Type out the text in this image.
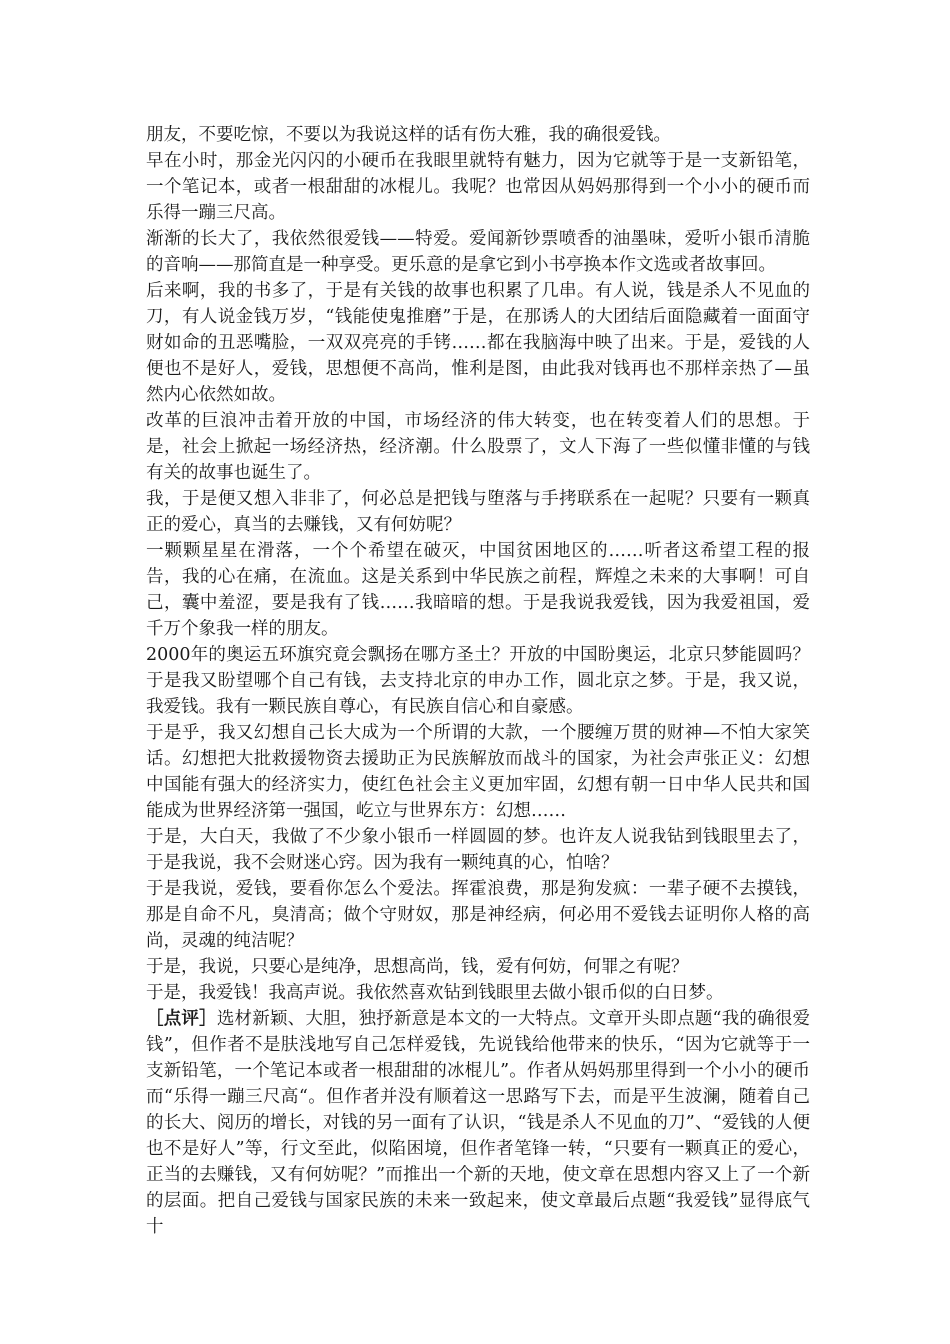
朋友，不要吃惊，不要以为我说这样的话有伤大雅，我的确很爱钱。

早在小时，那金光闪闪的小硬币在我眼里就特有魅力，因为它就等于是一支新铅笔，一个笔记本，或者一根甜甜的冰棍儿。我呢？也常因从妈妈那得到一个小小的硬币而乐得一蹦三尺高。

渐渐的长大了，我依然很爱钱——特爱。爱闻新钞票喷香的油墨味，爱听小银币清脆的音响——那简直是一种享受。更乐意的是拿它到小书亭换本作文选或者故事回。

后来啊，我的书多了，于是有关钱的故事也积累了几串。有人说，钱是杀人不见血的刀，有人说金钱万岁，“钱能使鬼推磨”于是，在那诱人的大团结后面隐藏着一面面守财如命的丑恶嘴脸，一双双亮亮的手铐……都在我脑海中映了出来。于是，爱钱的人便也不是好人，爱钱，思想便不高尚，惟利是图，由此我对钱再也不那样亲热了—虽然内心依然如故。

改革的巨浪冲击着开放的中国，市场经济的伟大转变，也在转变着人们的思想。于是，社会上掀起一场经济热，经济潮。什么股票了，文人下海了一些似懂非懂的与钱有关的故事也诞生了。

我，于是便又想入非非了，何必总是把钱与堕落与手拷联系在一起呢？只要有一颗真正的爱心，真当的去赚钱，又有何妨呢？

一颗颗星星在滑落，一个个希望在破灭，中国贫困地区的……听者这希望工程的报告，我的心在痛，在流血。这是关系到中华民族之前程，辉煌之未来的大事啊！可自己，囊中羞涩，要是我有了钱……我暗暗的想。于是我说我爱钱，因为我爱祖国，爱千万个象我一样的朋友。

2000年的奥运五环旗究竟会飘扬在哪方圣土？开放的中国盼奥运，北京只梦能圆吗？于是我又盼望哪个自己有钱，去支持北京的申办工作，圆北京之梦。于是，我又说，我爱钱。我有一颗民族自尊心，有民族自信心和自豪感。

于是乎，我又幻想自己长大成为一个所谓的大款，一个腰缠万贯的财神—不怕大家笑话。幻想把大批救援物资去援助正为民族解放而战斗的国家，为社会声张正义：幻想中国能有强大的经济实力，使红色社会主义更加牢固，幻想有朝一日中华人民共和国能成为世界经济第一强国，屹立与世界东方：幻想……

于是，大白天，我做了不少象小银币一样圆圆的梦。也许友人说我钻到钱眼里去了，于是我说，我不会财迷心窍。因为我有一颗纯真的心，怕啥？

于是我说，爱钱，要看你怎么个爱法。挥霍浪费，那是狗发疯：一辈子硬不去摸钱，那是自命不凡，臭清高；做个守财奴，那是神经病，何必用不爱钱去证明你人格的高尚，灵魂的纯洁呢？

于是，我说，只要心是纯净，思想高尚，钱，爱有何妨，何罪之有呢？

于是，我爱钱！我高声说。我依然喜欢钻到钱眼里去做小银币似的白日梦。

［点评］选材新颖、大胆，独抒新意是本文的一大特点。文章开头即点题“我的确很爱钱”，但作者不是肤浅地写自己怎样爱钱，先说钱给他带来的快乐，“因为它就等于一支新铅笔，一个笔记本或者一根甜甜的冰棍儿”。作者从妈妈那里得到一个小小的硬币而“乐得一蹦三尺高“。但作者并没有顺着这一思路写下去，而是平生波澜，随着自己的长大、阅历的增长，对钱的另一面有了认识，“钱是杀人不见血的刀”、“爱钱的人便也不是好人”等，行文至此，似陷困境，但作者笔锋一转，“只要有一颗真正的爱心，正当的去赚钱，又有何妨呢？”而推出一个新的天地，使文章在思想内容又上了一个新的层面。把自己爱钱与国家民族的未来一致起来，使文章最后点题“我爱钱”显得底气十
